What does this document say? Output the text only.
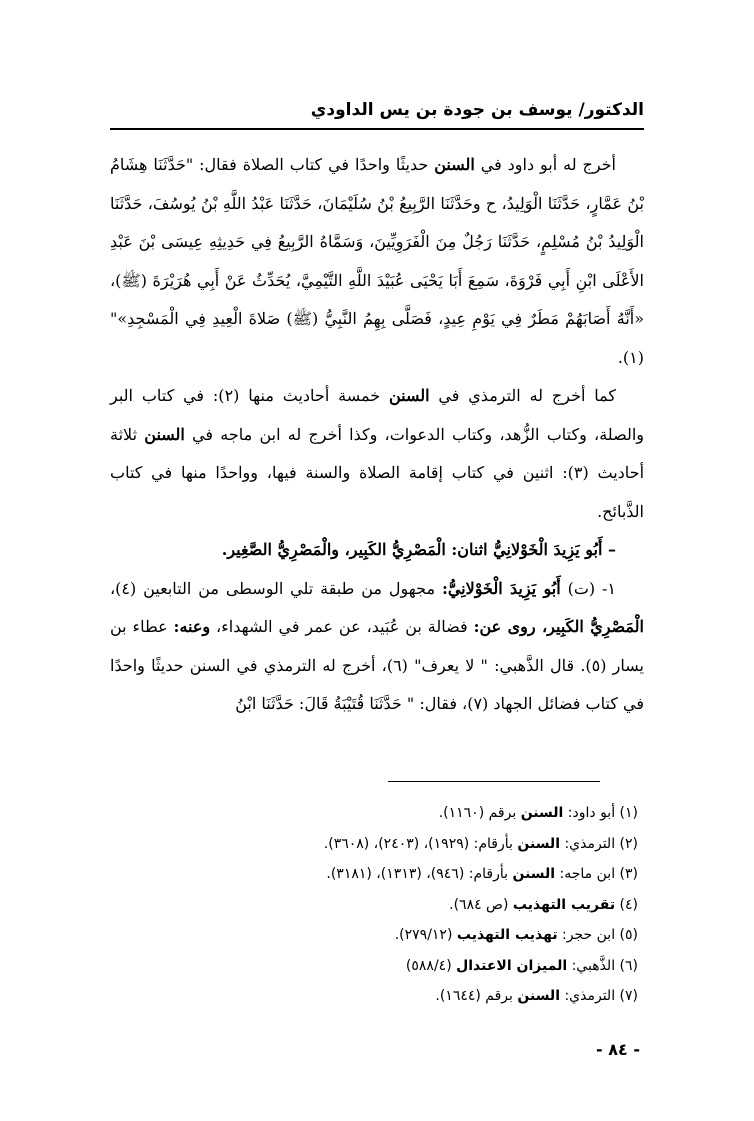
الدكتور/ يوسف بن جودة بن يس الداودي

أخرج له أبو داود في السنن حديثًا واحدًا في كتاب الصلاة فقال: "حَدَّثَنَا هِشَامُ بْنُ عَمَّارٍ، حَدَّثَنَا الْوَلِيدُ، ح وحَدَّثَنَا الرَّبِيعُ بْنُ سُلَيْمَانَ، حَدَّثَنَا عَبْدُ اللَّهِ بْنُ يُوسُفَ، حَدَّثَنَا الْوَلِيدُ بْنُ مُسْلِمٍ، حَدَّثَنَا رَجُلٌ مِنَ الْفَرَوِيِّينَ، وَسَمَّاهُ الرَّبِيعُ فِي حَدِيثِهِ عِيسَى بْنَ عَبْدِ الأَعْلَى ابْنِ أَبِي فَرْوَةَ، سَمِعَ أَبَا يَحْيَى عُبَيْدَ اللَّهِ التَّيْمِيَّ، يُحَدِّثُ عَنْ أَبِي هُرَيْرَةَ (ﷺ)، «أَنَّهُ أَصَابَهُمْ مَطَرٌ فِي يَوْمِ عِيدٍ، فَصَلَّى بِهِمُ النَّبِيُّ (ﷺ) صَلاةَ الْعِيدِ فِي الْمَسْجِدِ»" (١).

كما أخرج له الترمذي في السنن خمسة أحاديث منها (٢): في كتاب البر والصلة، وكتاب الزُّهد، وكتاب الدعوات، وكذا أخرج له ابن ماجه في السنن ثلاثة أحاديث (٣): اثنين في كتاب إقامة الصلاة والسنة فيها، وواحدًا منها في كتاب الذَّبائح.

– أَبُو يَزِيدَ الْخَوْلانِيُّ اثنان: الْمَصْرِيُّ الكَبِير، والْمَصْرِيُّ الصَّغِير.

١- (ت) أَبُو يَزِيدَ الْخَوْلانِيُّ: مجهول من طبقة تلي الوسطى من التابعين (٤)، الْمَصْرِيُّ الكَبِير، روى عن: فضالة بن عُبَيد، عن عمر في الشهداء، وعنه: عطاء بن يسار (٥). قال الذَّهبي: " لا يعرف" (٦)، أخرج له الترمذي في السنن حديثًا واحدًا في كتاب فضائل الجهاد (٧)، فقال: " حَدَّثَنَا قُتَيْبَةُ قَالَ: حَدَّثَنَا ابْنُ

(١) أبو داود: السنن برقم (١١٦٠).
(٢) الترمذي: السنن بأرقام: (١٩٢٩)، (٢٤٠٣)، (٣٦٠٨).
(٣) ابن ماجه: السنن بأرقام: (٩٤٦)، (١٣١٣)، (٣١٨١).
(٤) تقريب التهذيب (ص ٦٨٤).
(٥) ابن حجر: تهذيب التهذيب (٢٧٩/١٢).
(٦) الذَّهبي: الميزان الاعتدال (٥٨٨/٤)
(٧) الترمذي: السنن برقم (١٦٤٤).
- ٨٤ -
